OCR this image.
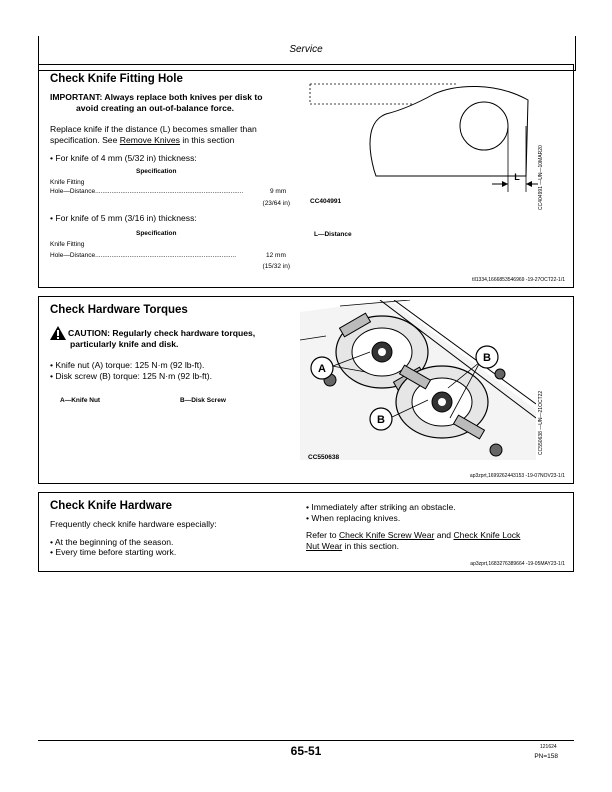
Service
Check Knife Fitting Hole
IMPORTANT: Always replace both knives per disk to
avoid creating an out-of-balance force.
Replace knife if the distance (L) becomes smaller than
specification. See Remove Knives in this section
• For knife of 4 mm (5/32 in) thickness:
Specification
Knife Fitting
Hole—Distance..................................................................................	9 mm
(23/64 in)
• For knife of 5 mm (3/16 in) thickness:
Specification
Knife Fitting
Hole—Distance..............................................................................	12 mm
(15/32 in)
L
CC404991	CC404991 —UN—10MAR20
L—Distance
tll1334,1666853546969 -19-27OCT22-1/1
Check Hardware Torques
CAUTION: Regularly check hardware torques,
particularly knife and disk.
• Knife nut (A) torque: 125 N·m (92 lb-ft).
• Disk screw (B) torque: 125 N·m (92 lb-ft).
A—Knife Nut	B—Disk Screw
A
B
B
CC550638
CC550638 —UN—21OCT22
ap3zprt,1699262443153 -19-07NOV23-1/1
Check Knife Hardware
Frequently check knife hardware especially:
• At the beginning of the season.
• Every time before starting work.
• Immediately after striking an obstacle.
• When replacing knives.
Refer to Check Knife Screw Wear and Check Knife Lock
Nut Wear in this section.
ap3zprt,1683276389664 -19-05MAY23-1/1
65-51	121624
PN=158
